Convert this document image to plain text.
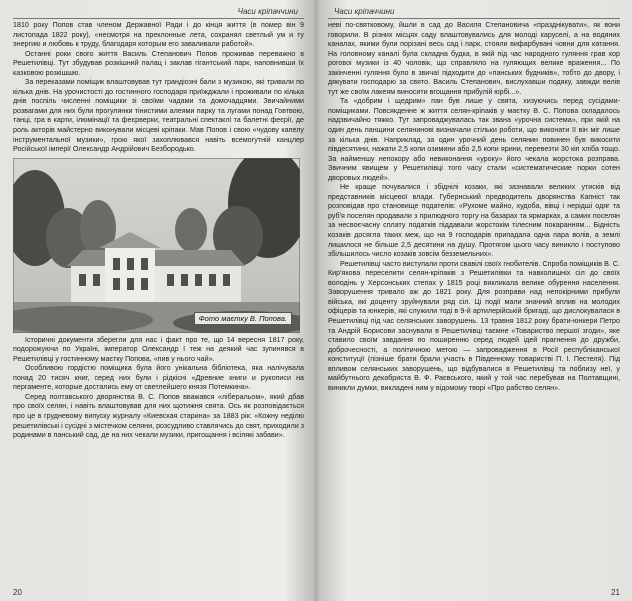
Часи кріпаччини

1810 року Попов став членом Державної Ради і до кінця життя (в помер він 9 листопада 1822 року), «несмотря на преклонные лета, сохранял светлый ум и ту энергию и любовь к труду, благодаря которым его заваливали работой».

Останні роки свого життя Василь Степанович Попов проживав переважно в Решетилівці. Тут збудував розкішний палац і заклав гігантський парк, наповнивши їх казковою розкішшю.

За переказами поміщик влаштовував тут грандіозні бали з музикою, які тривали по кілька днів. На урочистості до гостинного господаря приїжджали і проживали по кілька днів поспіль численні поміщики зі своїми чадами та домочадцями. Звичайними розвагами для них були прогулянки тінистими алеями парку та лугами понад Говтвою, танці, гра в карти, ілюмінації та феєрверки, театральні спектаклі та балетні феєрії, де роль акторів майстерно виконували місцеві кріпаки. Мав Попов і свою «чудову капелу інструментальної музики», грою якої захоплювався навіть всемогутній канцлер Російської імперії Олександр Андрійович Безбородько.

Фото маєтку В. Попова.

Історичні документи зберегли для нас і факт про те, що 14 вересня 1817 року, подорожуючи по Україні, імператор Олександр І теж на деякий час зупинявся в Решетилівці у гостинному маєтку Попова, «пив у нього чай».

Особливою гордістю поміщика була його унікальна бібліотека, яка налічувала понад 20 тисяч книг, серед них були і рідкісні «Древние книги и рукописи на пергаменте, которые достались ему от светлейшего князя Потемкина».

Серед полтавського дворянства В. С. Попов вважався «ліберальом», який дбав про своїх селян, і навіть влаштовував для них щотижня свята. Ось як розповідається про це в грудневому випуску журналу «Киевская старина» за 1883 рік: «Кожну неділю решетилівські і сусідні з містечком селяни, розсудливо ставлячись до свят, приходили з родинами в панський сад, де на них чекали музики, пригощання і всілякі забави».

20
Часи кріпаччини

неві по-святковому, йшли в сад до Василя Степановича «празднікувати», як вони говорили. В різних місцях саду влаштовувались для молоді каруселі, а на водяних каналах, якими були порізані весь сад і парк, стояли вифарбувані човни для катання. На головному каналі була складна будка, в якій під час народного гуляння грав хор роговоі музики із 40 чоловік, що справляло на гуляющих велике враження... По закінченні гуляння було в звичаї підходити до «панських будників», тобто до двору, і дякувати господарю за свято. Василь Степанович, вислухавши подяку, завжди велів тут же своїм лакеям виносити вгощання прибулій юрбі...».

Та «добрим і щедрим» пан був лише у свята, хизуючись перед сусідами-поміщиками. Повсякденне ж життя селян-кріпаків у маєтку В. С. Попова складалось надзвичайно тяжко. Тут запроваджувалась так звана «урочна система», при якій на один день панщини селянинові визначали стільки роботи, що виконати її він міг лише за кілька днів. Наприклад, за один урочний день селянин повинен був викосити півдесятини, нажати 2,5 копи озимини або 2,5 копи ярини, перевезти 30 кіп хліба тощо. За найменшу непокору або невиконання «уроку» його чекала жорстока розправа. Звичним явищем у Решетилівці того часу стали «систематические порки сотен дворовых людей».

Не краще почувалися і збіднілі козаки, які зазнавали великих утисків від представників місцевої влади. Губернський предводитель дворянства Капніст так розповідав про становище подателів: «Рухоме майно, худоба, вівці і нерідші одяг та руб'я поселян продавали з прилюдного торгу на базарах та ярмарках, а самих поселян за несвоєчасну сплату податків піддавали жорстокім тілесним покаранням... Бідність козаків досягла таких меж, що на 9 господарів припадала одна пара волів, а землі лишилося не більше 2,5 десятини на душу. Протягом цього часу виникло і поступово збільшилось число козаків зовсім безземельних».

Решетилівці часто виступали проти свавілі своїх гнобителів. Спроба поміщиків В. С. Кир'якова переселити селян-кріпаків з Решетилівки та навколишніх сіл до своїх володінь у Херсонських степах у 1815 році викликала велике обурення населення. Заворушення тривало аж до 1821 року. Для розправи над непокірними прибули війська, які доценту зруйнували ряд сіл. Ці події мали значний вплив на молодих офіцерів та юнкерів, які служили тоді в 9-й артилерійській бригаді, що дислокувалася в Решетилівці під час селянських заворушень. 13 травня 1812 року брати-юнкери Петро та Андрій Борисови заснували в Решетилівці таємне «Товариство першої згоди», яке ставило своїм завдання по поширенню серед людей ідей прагнення до дружби, доброчесності, а політичною метою — запровадження в Росії республіканської конституції (пізніше брати брали участь в Південному товаристві П. І. Пестеля). Під впливом селянських заворушень, що відбувалися в Решетилівці та поблизу неї, у майбутнього декабриста В. Ф. Раєвського, який у той час перебував на Полтавщині, виникли думки, викладені ним у відомому творі «Про рабство селян».

21
